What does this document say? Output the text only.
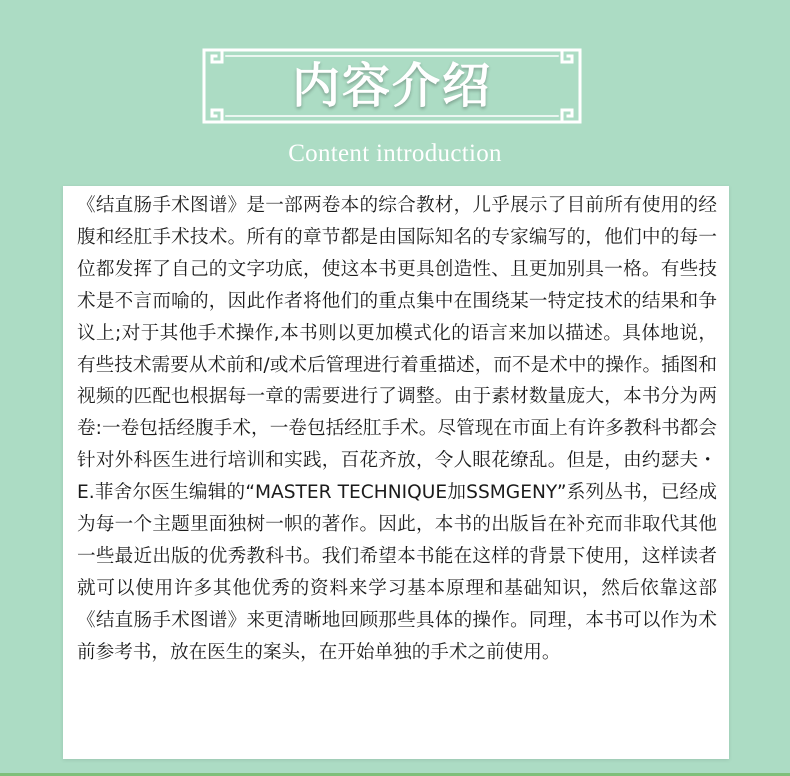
内容介绍
Content introduction
《结直肠手术图谱》是一部两卷本的综合教材，儿乎展示了目前所有使用的经腹和经肛手术技术。所有的章节都是由国际知名的专家编写的，他们中的每一位都发挥了自己的文字功底，使这本书更具创造性、且更加别具一格。有些技术是不言而喻的，因此作者将他们的重点集中在围绕某一特定技术的结果和争议上;对于其他手术操作,本书则以更加模式化的语言来加以描述。具体地说，有些技术需要从术前和/或术后管理进行着重描述，而不是术中的操作。插图和视频的匹配也根据每一章的需要进行了调整。由于素材数量庞大，本书分为两卷:一卷包括经腹手术，一卷包括经肛手术。尽管现在市面上有许多教科书都会针对外科医生进行培训和实践，百花齐放，令人眼花缭乱。但是，由约瑟夫・E.菲舍尔医生编辑的“MASTER TECHNIQUE加SSMGENY”系列丛书，已经成为每一个主题里面独树一帜的著作。因此，本书的出版旨在补充而非取代其他一些最近出版的优秀教科书。我们希望本书能在这样的背景下使用，这样读者就可以使用许多其他优秀的资料来学习基本原理和基础知识，然后依靠这部《结直肠手术图谱》来更清晰地回顾那些具体的操作。同理，本书可以作为术前参考书，放在医生的案头，在开始单独的手术之前使用。
